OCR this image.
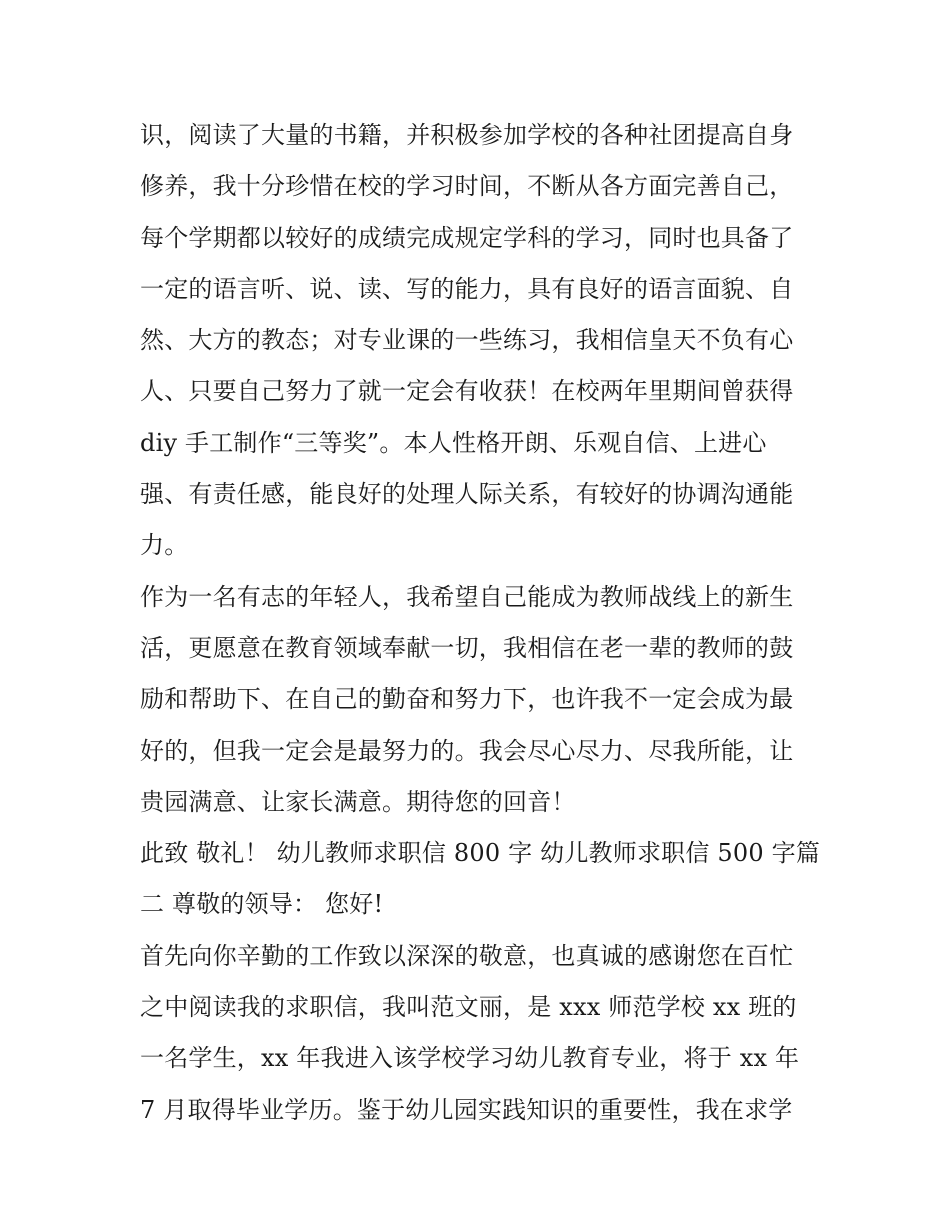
识，阅读了大量的书籍，并积极参加学校的各种社团提高自身
修养，我十分珍惜在校的学习时间，不断从各方面完善自己，
每个学期都以较好的成绩完成规定学科的学习，同时也具备了
一定的语言听、说、读、写的能力，具有良好的语言面貌、自
然、大方的教态；对专业课的一些练习，我相信皇天不负有心
人、只要自己努力了就一定会有收获！在校两年里期间曾获得
diy 手工制作“三等奖”。本人性格开朗、乐观自信、上进心
强、有责任感，能良好的处理人际关系，有较好的协调沟通能
力。
作为一名有志的年轻人，我希望自己能成为教师战线上的新生
活，更愿意在教育领域奉献一切，我相信在老一辈的教师的鼓
励和帮助下、在自己的勤奋和努力下，也许我不一定会成为最
好的，但我一定会是最努力的。我会尽心尽力、尽我所能，让
贵园满意、让家长满意。期待您的回音！
此致 敬礼！ 幼儿教师求职信 800 字 幼儿教师求职信 500 字篇
二 尊敬的领导： 您好!
首先向你辛勤的工作致以深深的敬意，也真诚的感谢您在百忙
之中阅读我的求职信，我叫范文丽，是 xxx 师范学校 xx 班的
一名学生，xx 年我进入该学校学习幼儿教育专业，将于 xx 年
7 月取得毕业学历。鉴于幼儿园实践知识的重要性，我在求学
